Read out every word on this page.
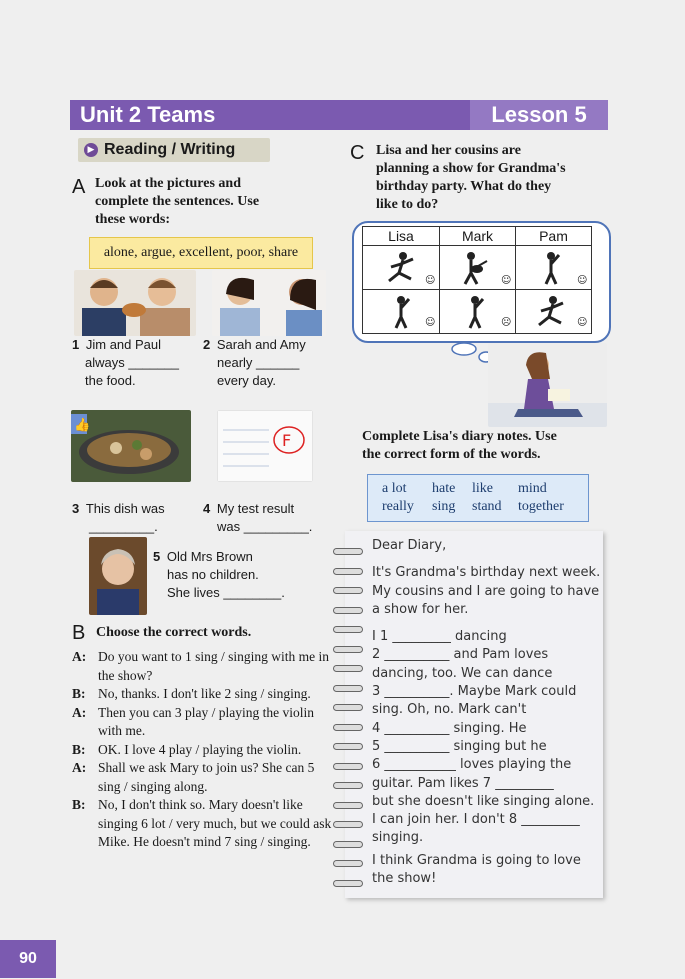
Unit 2 Teams	Lesson 5
▶ Reading / Writing
A Look at the pictures and
complete the sentences. Use
these words:
alone, argue, excellent, poor, share
1 Jim and Paul
always _______
the food.
2 Sarah and Amy
nearly ______
every day.
👍
F
3 This dish was
_________.
4 My test result
was _________.
5 Old Mrs Brown
has no children.
She lives ________.
B Choose the correct words.
A: Do you want to 1 sing / singing with me in the show?
B: No, thanks. I don't like 2 sing / singing.
A: Then you can 3 play / playing the violin with me.
B: OK. I love 4 play / playing the violin.
A: Shall we ask Mary to join us? She can 5 sing / singing along.
B: No, I don't think so. Mary doesn't like singing 6 lot / very much, but we could ask Mike. He doesn't mind 7 sing / singing.
C Lisa and her cousins are
planning a show for Grandma's
birthday party. What do they
like to do?
Lisa	Mark	Pam
☺	☺	☺
☺	☹	☺
Complete Lisa's diary notes. Use
the correct form of the words.
a lot hate like mind
really sing stand together
Dear Diary,
It's Grandma's birthday next week.
My cousins and I are going to have
a show for her.
I 1 _________ dancing
2 __________ and Pam loves
dancing, too. We can dance
3 __________. Maybe Mark could
sing. Oh, no. Mark can't
4 __________ singing. He
5 __________ singing but he
6 ___________ loves playing the
guitar. Pam likes 7 _________
but she doesn't like singing alone.
I can join her. I don't 8 _________
singing.
I think Grandma is going to love
the show!
90
